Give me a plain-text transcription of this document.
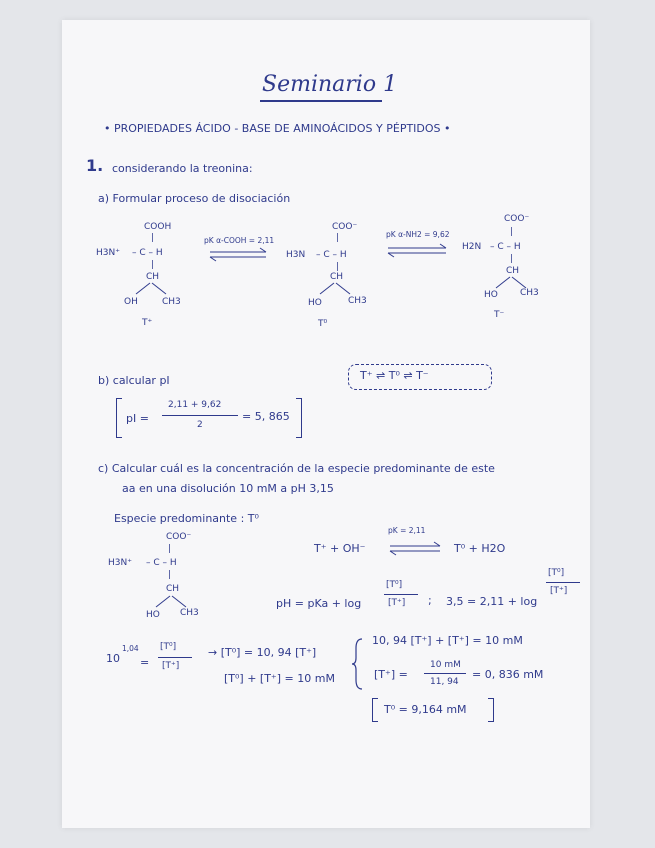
Seminario 1
• PROPIEDADES ÁCIDO - BASE DE AMINOÁCIDOS Y PÉPTIDOS •
1. considerando la treonina:
a) Formular proceso de disociación
COOH
|
H3N⁺ – C – H
|
CH
OH	CH3
T⁺
pK α-COOH = 2,11
COO⁻
|
H3N – C – H
|
CH
HO	CH3
T⁰
pK α-NH2 = 9,62
COO⁻
|
H2N – C – H
|
CH
HO CH3
T⁻
b) calcular pI
pI =
2,11 + 9,62
2
= 5, 865
T⁺ ⇌ T⁰ ⇌ T⁻
c) Calcular cuál es la concentración de la especie predominante de este
aa en una disolución 10 mM a pH 3,15
Especie predominante : T⁰
COO⁻
|
H3N⁺ – C – H
|
CH
HO CH3
pK = 2,11
T⁺ + OH⁻ ⇌ T⁰ + H2O
pH = pKa + log
[T⁰]
[T⁺] ; 3,5 = 2,11 + log
[T⁰]
[T⁺]
10
1,04
=
[T⁰]
[T⁺]
→ [T⁰] = 10, 94 [T⁺]
[T⁰] + [T⁺] = 10 mM
10, 94 [T⁺] + [T⁺] = 10 mM
[T⁺] =
10 mM
11, 94
= 0, 836 mM
T⁰ = 9,164 mM
